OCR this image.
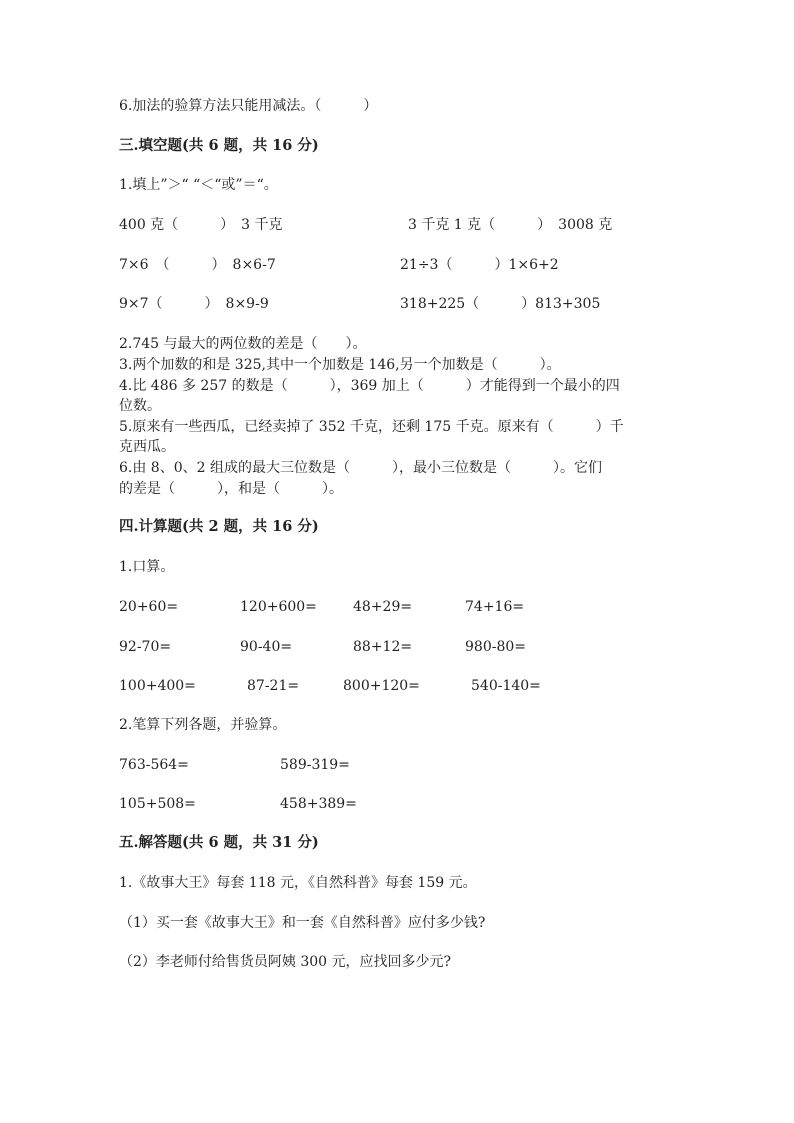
6.加法的验算方法只能用减法。（　　　）
三.填空题(共 6 题，共 16 分)
1.填上”＞“ “＜“或”＝“。
400 克（　　　）　3 千克	3 千克 1 克（　　　）　3008 克
7×6　（　　　）　8×6-7	21÷3（　　　）1×6+2
9×7（　　　）　8×9-9	318+225（　　　）813+305
2.745 与最大的两位数的差是（　　）。
3.两个加数的和是 325,其中一个加数是 146,另一个加数是（　　　）。
4.比 486 多 257 的数是（　　　），369 加上（　　　）才能得到一个最小的四
位数。
5.原来有一些西瓜，已经卖掉了 352 千克，还剩 175 千克。原来有（　　　）千
克西瓜。
6.由 8、0、2 组成的最大三位数是（　　　），最小三位数是（　　　）。它们
的差是（　　　），和是（　　　）。
四.计算题(共 2 题，共 16 分)
1.口算。
20+60=	120+600=	48+29=	74+16=
92-70=	90-40=	88+12=	980-80=
100+400=	87-21=	800+120=	540-140=
2.笔算下列各题，并验算。
763-564=	589-319=
105+508=	458+389=
五.解答题(共 6 题，共 31 分)
1.《故事大王》每套 118 元，《自然科普》每套 159 元。
（1）买一套《故事大王》和一套《自然科普》应付多少钱?
（2）李老师付给售货员阿姨 300 元，应找回多少元?
